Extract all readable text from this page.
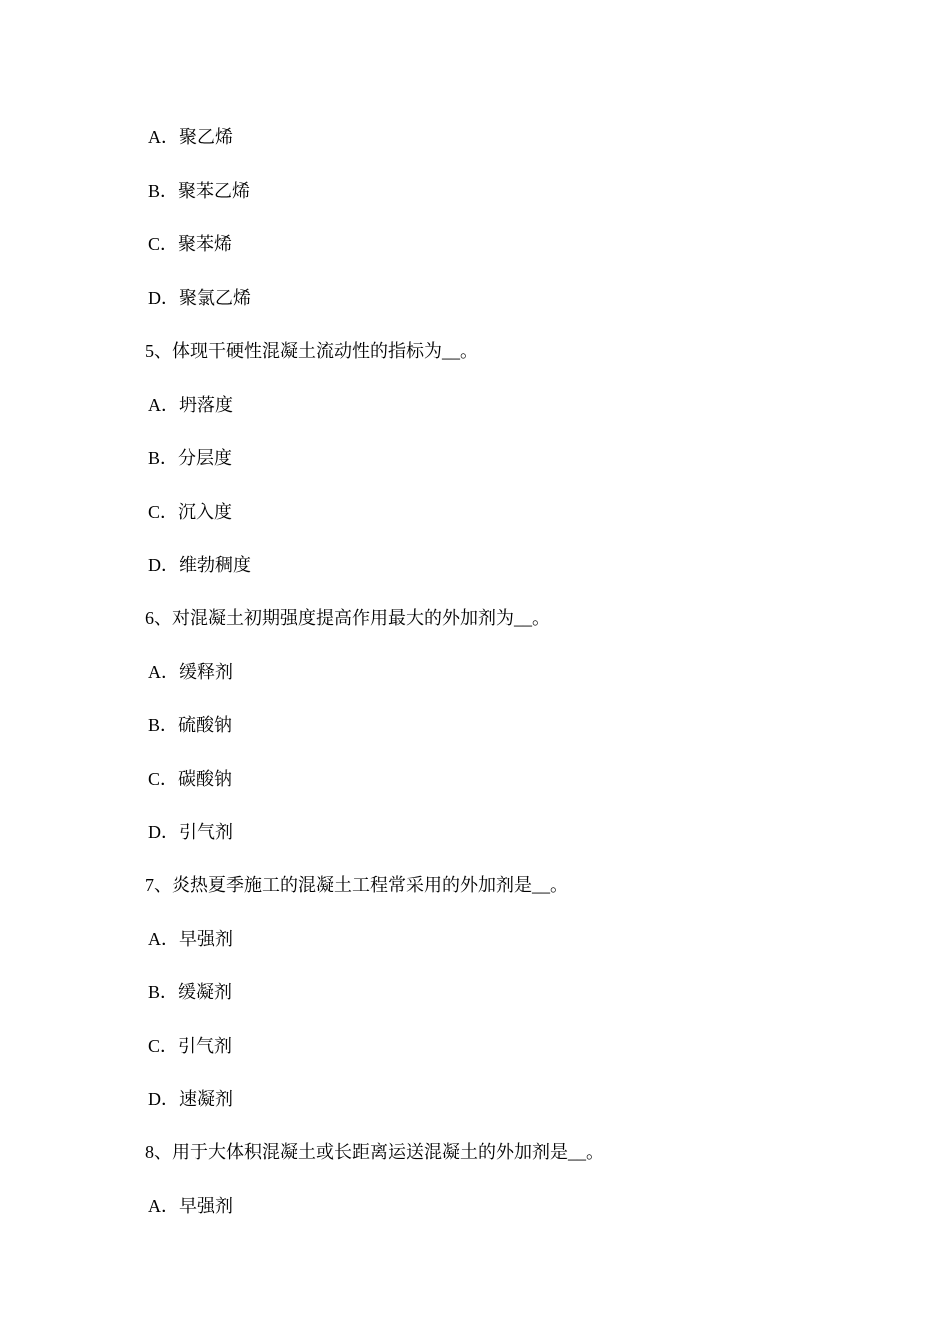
A．聚乙烯
B．聚苯乙烯
C．聚苯烯
D．聚氯乙烯
5、体现干硬性混凝土流动性的指标为__。
A．坍落度
B．分层度
C．沉入度
D．维勃稠度
6、对混凝土初期强度提高作用最大的外加剂为__。
A．缓释剂
B．硫酸钠
C．碳酸钠
D．引气剂
7、炎热夏季施工的混凝土工程常采用的外加剂是__。
A．早强剂
B．缓凝剂
C．引气剂
D．速凝剂
8、用于大体积混凝土或长距离运送混凝土的外加剂是__。
A．早强剂
